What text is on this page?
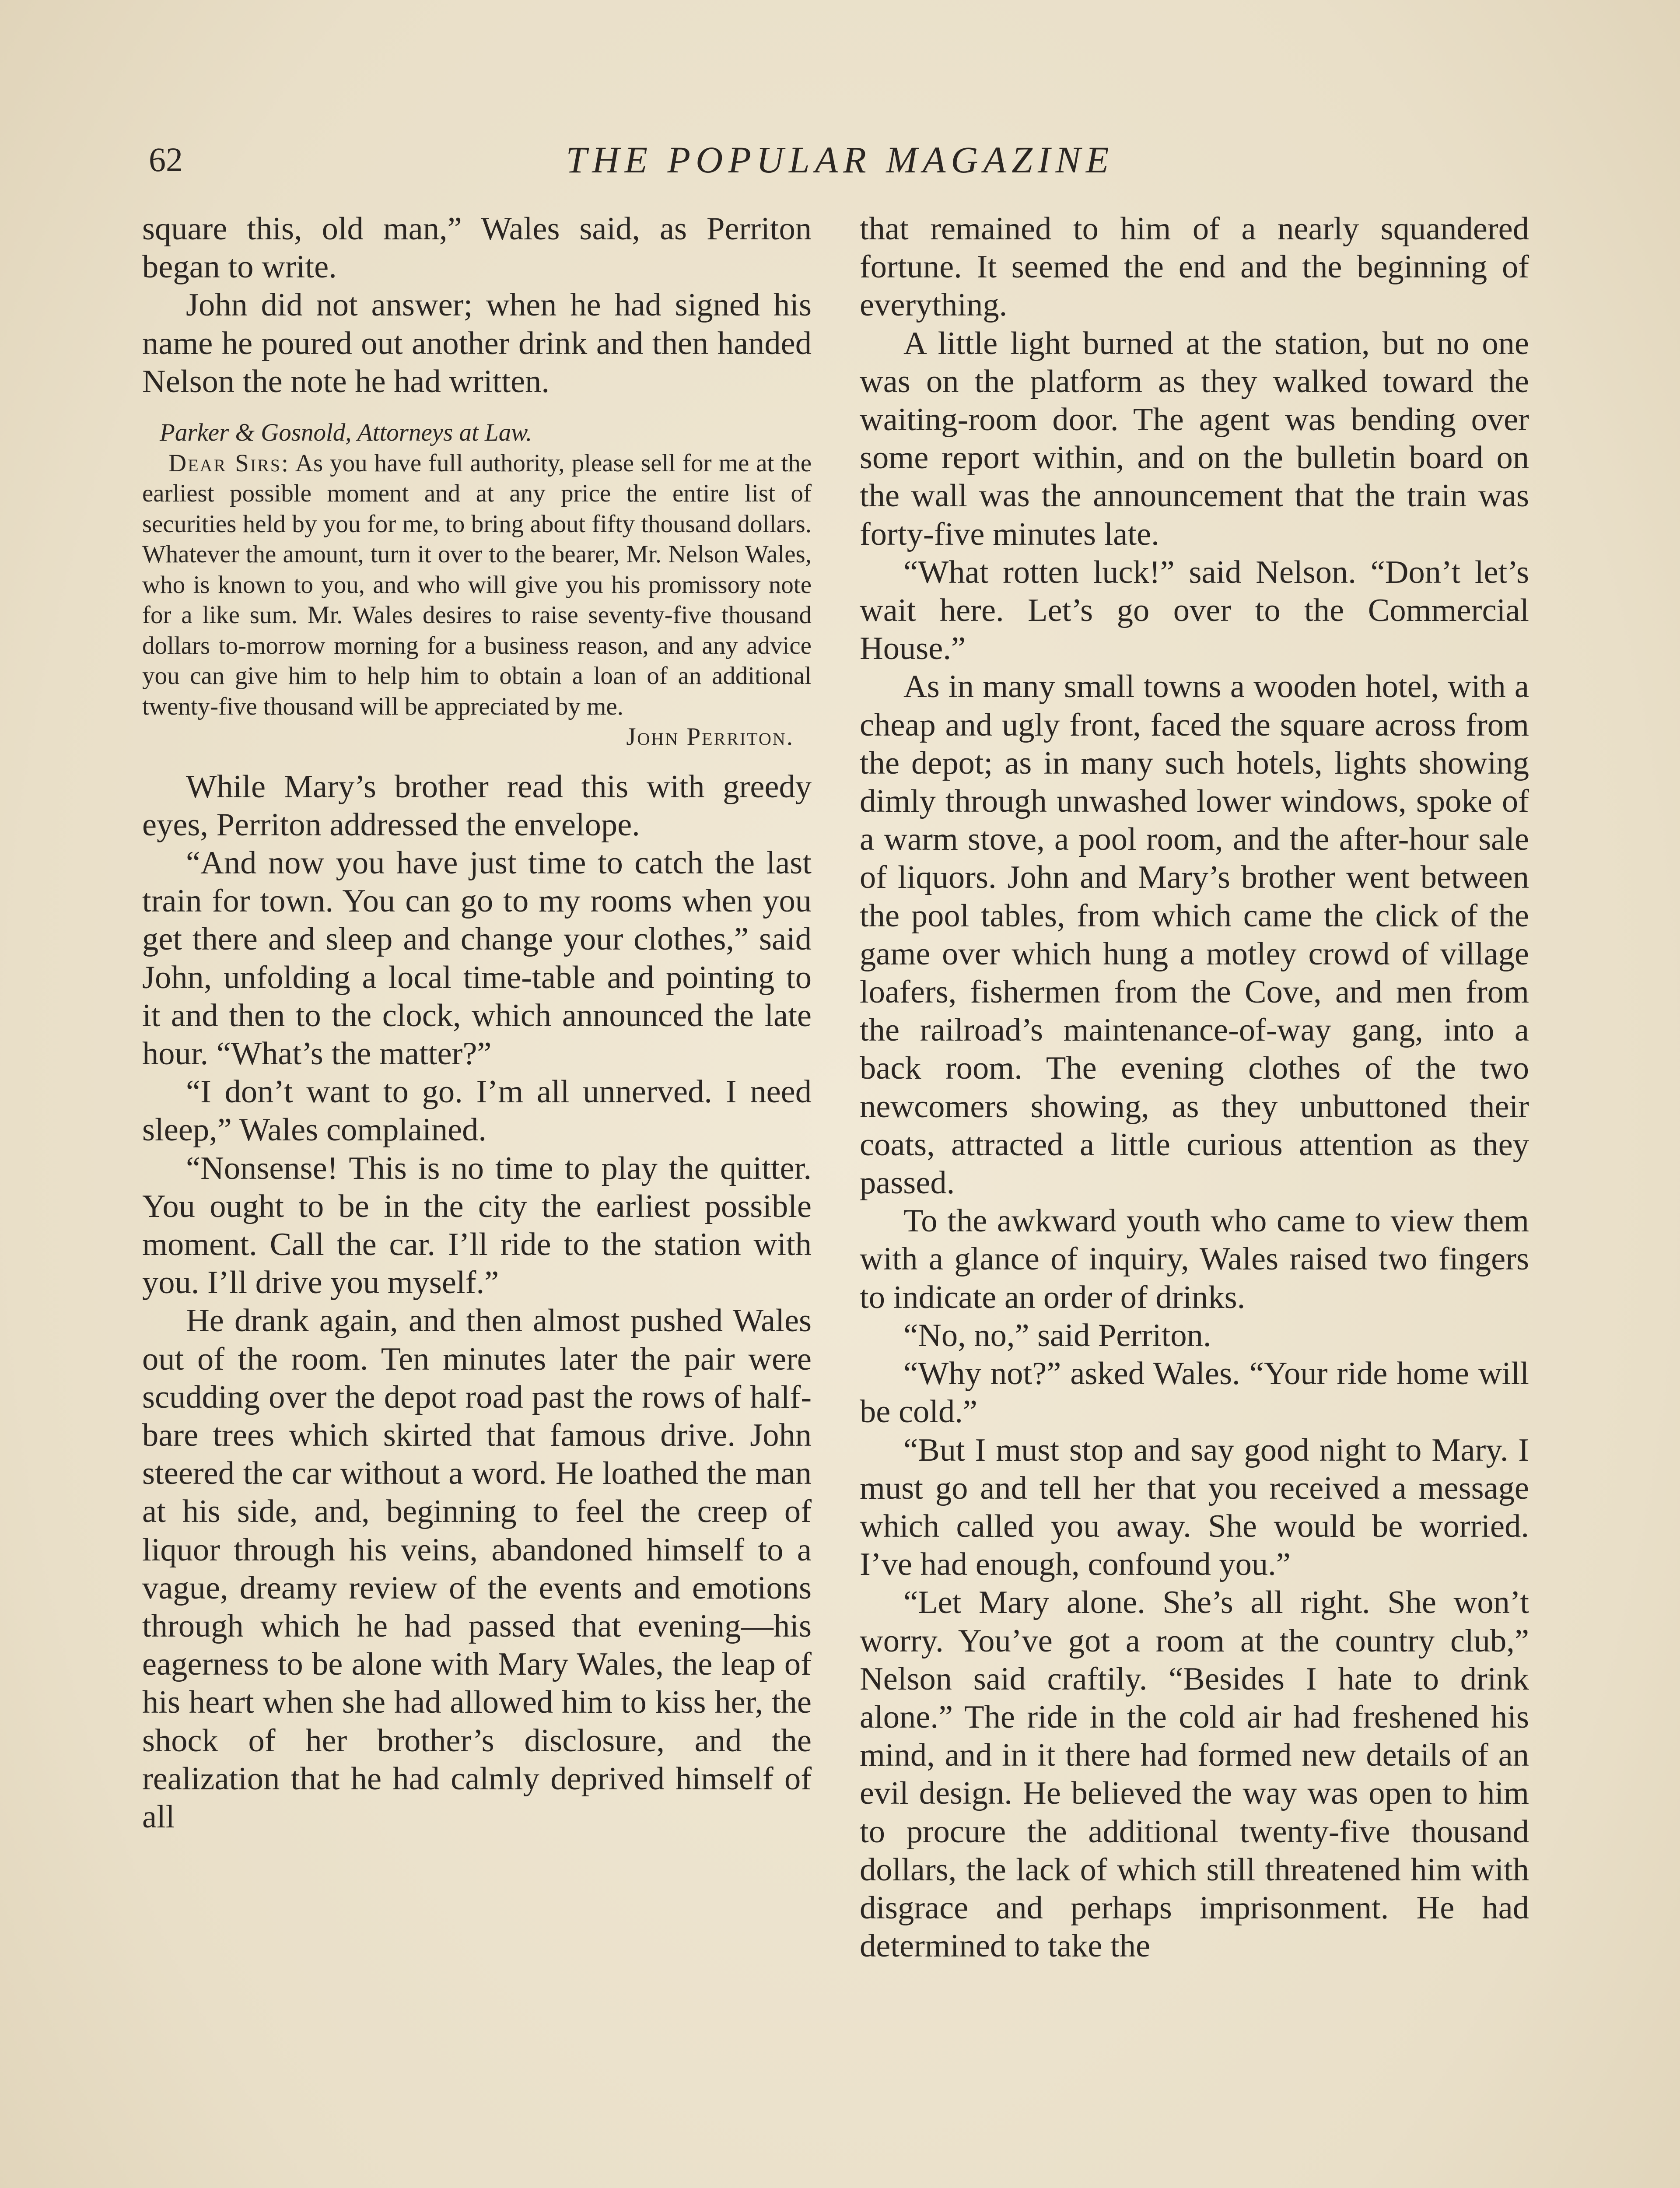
62	THE POPULAR MAGAZINE

square this, old man,” Wales said, as Perriton began to write.

John did not answer; when he had signed his name he poured out another drink and then handed Nelson the note he had written.

Parker & Gosnold, Attorneys at Law.
Dear Sirs: As you have full authority, please sell for me at the earliest possible moment and at any price the entire list of securities held by you for me, to bring about fifty thousand dollars. Whatever the amount, turn it over to the bearer, Mr. Nelson Wales, who is known to you, and who will give you his promissory note for a like sum. Mr. Wales desires to raise seventy-five thousand dollars to-morrow morning for a business reason, and any advice you can give him to help him to obtain a loan of an additional twenty-five thousand will be appreciated by me.
John Perriton.

While Mary’s brother read this with greedy eyes, Perriton addressed the envelope.

“And now you have just time to catch the last train for town. You can go to my rooms when you get there and sleep and change your clothes,” said John, unfolding a local time-table and pointing to it and then to the clock, which announced the late hour. “What’s the matter?”

“I don’t want to go. I’m all unnerved. I need sleep,” Wales complained.

“Nonsense! This is no time to play the quitter. You ought to be in the city the earliest possible moment. Call the car. I’ll ride to the station with you. I’ll drive you myself.”

He drank again, and then almost pushed Wales out of the room. Ten minutes later the pair were scudding over the depot road past the rows of half-bare trees which skirted that famous drive. John steered the car without a word. He loathed the man at his side, and, beginning to feel the creep of liquor through his veins, abandoned himself to a vague, dreamy review of the events and emotions through which he had passed that evening—his eagerness to be alone with Mary Wales, the leap of his heart when she had allowed him to kiss her, the shock of her brother’s disclosure, and the realization that he had calmly deprived himself of all

that remained to him of a nearly squandered fortune. It seemed the end and the beginning of everything.

A little light burned at the station, but no one was on the platform as they walked toward the waiting-room door. The agent was bending over some report within, and on the bulletin board on the wall was the announcement that the train was forty-five minutes late.

“What rotten luck!” said Nelson. “Don’t let’s wait here. Let’s go over to the Commercial House.”

As in many small towns a wooden hotel, with a cheap and ugly front, faced the square across from the depot; as in many such hotels, lights showing dimly through unwashed lower windows, spoke of a warm stove, a pool room, and the after-hour sale of liquors. John and Mary’s brother went between the pool tables, from which came the click of the game over which hung a motley crowd of village loafers, fishermen from the Cove, and men from the railroad’s maintenance-of-way gang, into a back room. The evening clothes of the two newcomers showing, as they unbuttoned their coats, attracted a little curious attention as they passed.

To the awkward youth who came to view them with a glance of inquiry, Wales raised two fingers to indicate an order of drinks.

“No, no,” said Perriton.

“Why not?” asked Wales. “Your ride home will be cold.”

“But I must stop and say good night to Mary. I must go and tell her that you received a message which called you away. She would be worried. I’ve had enough, confound you.”

“Let Mary alone. She’s all right. She won’t worry. You’ve got a room at the country club,” Nelson said craftily. “Besides I hate to drink alone.” The ride in the cold air had freshened his mind, and in it there had formed new details of an evil design. He believed the way was open to him to procure the additional twenty-five thousand dollars, the lack of which still threatened him with disgrace and perhaps imprisonment. He had determined to take the
